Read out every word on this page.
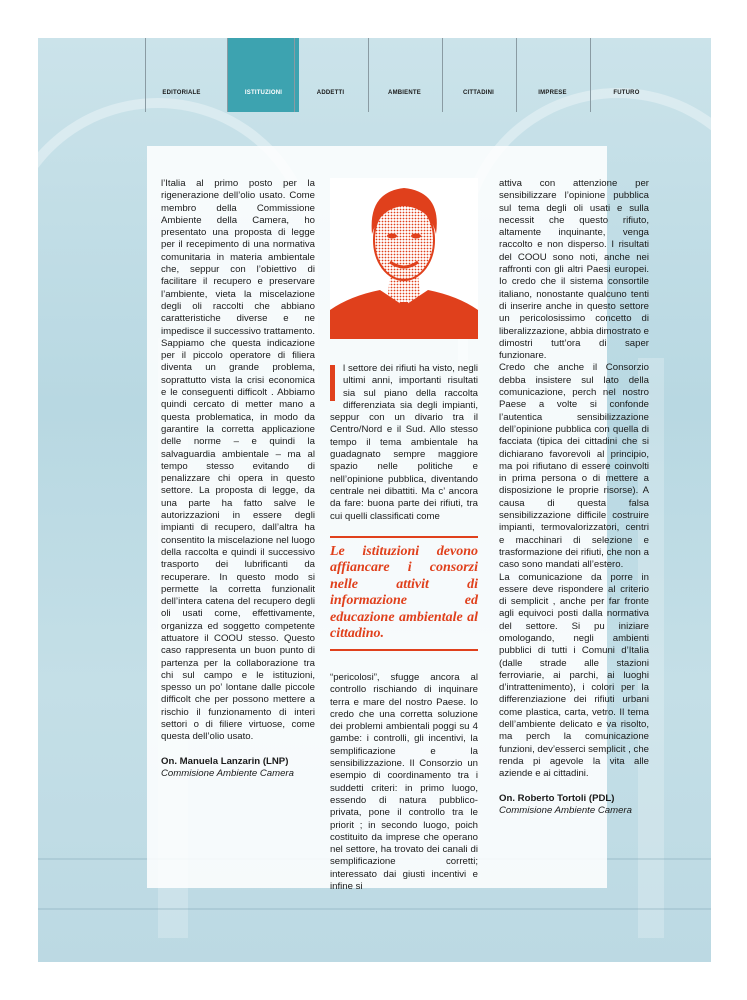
EDITORIALE	ISTITUZIONI	ADDETTI	AMBIENTE	CITTADINI	IMPRESE	FUTURO

l’Italia al primo posto per la rigenerazione dell’olio usato. Come membro della Commissione Ambiente della Camera, ho presentato una proposta di legge per il recepimento di una normativa comunitaria in materia ambientale che, seppur con l’obiettivo di facilitare il recupero e preservare l’ambiente, vieta la miscelazione degli oli raccolti che abbiano caratteristiche diverse e ne impedisce il successivo trattamento. Sappiamo che questa indicazione per il piccolo operatore di filiera diventa un grande problema, soprattutto vista la crisi economica e le conseguenti difficolt . Abbiamo quindi cercato di metter mano a questa problematica, in modo da garantire la corretta applicazione delle norme – e quindi la salvaguardia ambientale – ma al tempo stesso evitando di penalizzare chi opera in questo settore. La proposta di legge, da una parte ha fatto salve le autorizzazioni in essere degli impianti di recupero, dall’altra ha consentito la miscelazione nel luogo della raccolta e quindi il successivo trasporto dei lubrificanti da recuperare. In questo modo si permette la corretta funzionalit dell’intera catena del recupero degli oli usati come, effettivamente, organizza ed soggetto competente attuatore il COOU stesso. Questo caso rappresenta un buon punto di partenza per la collaborazione tra chi sul campo e le istituzioni, spesso un po’ lontane dalle piccole difficolt che per possono mettere a rischio il funzionamento di interi settori o di filiere virtuose, come questa dell’olio usato.

On. Manuela Lanzarin (LNP)

Commisione Ambiente Camera

l settore dei rifiuti ha visto, negli ultimi anni, importanti risultati sia sul piano della raccolta differenziata sia degli impianti, seppur con un divario tra il Centro/Nord e il Sud. Allo stesso tempo il tema ambientale ha guadagnato sempre maggiore spazio nelle politiche e nell’opinione pubblica, diventando centrale nei dibattiti. Ma c’ ancora da fare: buona parte dei rifiuti, tra cui quelli classificati come

Le istituzioni devono affiancare i consorzi nelle attivit di informazione ed educazione ambientale al cittadino.

“pericolosi”, sfugge ancora al controllo rischiando di inquinare terra e mare del nostro Paese. Io credo che una corretta soluzione dei problemi ambientali poggi su 4 gambe: i controlli, gli incentivi, la semplificazione e la sensibilizzazione. Il Consorzio un esempio di coordinamento tra i suddetti criteri: in primo luogo, essendo di natura pubblico-privata, pone il controllo tra le priorit ; in secondo luogo, poich costituito da imprese che operano nel settore, ha trovato dei canali di semplificazione corretti; interessato dai giusti incentivi e infine si

attiva con attenzione per sensibilizzare l’opinione pubblica sul tema degli oli usati e sulla necessit che questo rifiuto, altamente inquinante, venga raccolto e non disperso. I risultati del COOU sono noti, anche nei raffronti con gli altri Paesi europei. Io credo che il sistema consortile italiano, nonostante qualcuno tenti di inserire anche in questo settore un pericolosissimo concetto di liberalizzazione, abbia dimostrato e dimostri tutt’ora di saper funzionare.

Credo che anche il Consorzio debba insistere sul lato della comunicazione, perch nel nostro Paese a volte si confonde l’autentica sensibilizzazione dell’opinione pubblica con quella di facciata (tipica dei cittadini che si dichiarano favorevoli al principio, ma poi rifiutano di essere coinvolti in prima persona o di mettere a disposizione le proprie risorse). A causa di questa falsa sensibilizzazione difficile costruire impianti, termovalorizzatori, centri e macchinari di selezione e trasformazione dei rifiuti, che non a caso sono mandati all’estero.

La comunicazione da porre in essere deve rispondere al criterio di semplicit , anche per far fronte agli equivoci posti dalla normativa del settore. Si pu iniziare omologando, negli ambienti pubblici di tutti i Comuni d’Italia (dalle strade alle stazioni ferroviarie, ai parchi, ai luoghi d’intrattenimento), i colori per la differenziazione dei rifiuti urbani come plastica, carta, vetro. Il tema dell’ambiente delicato e va risolto, ma perch la comunicazione funzioni, dev’esserci semplicit , che renda pi agevole la vita alle aziende e ai cittadini.

On. Roberto Tortoli (PDL)

Commisione Ambiente Camera
